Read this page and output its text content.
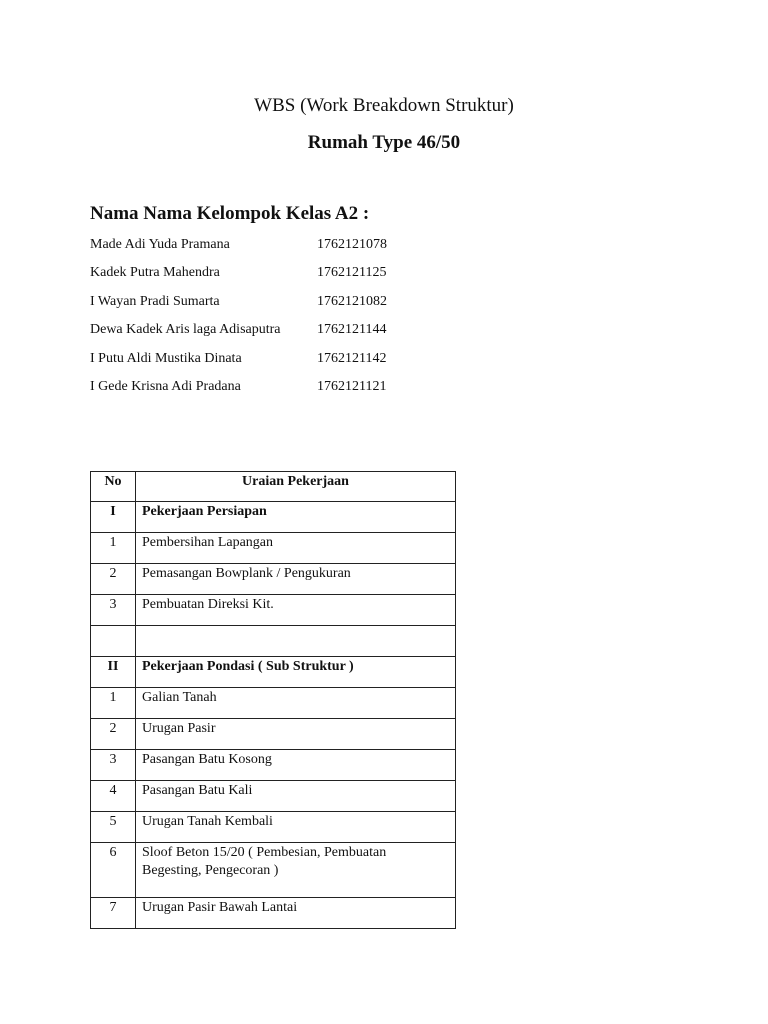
WBS (Work Breakdown Struktur)
Rumah Type 46/50
Nama Nama Kelompok Kelas A2 :
Made Adi Yuda Pramana	1762121078
Kadek Putra Mahendra	1762121125
I Wayan Pradi Sumarta	1762121082
Dewa Kadek Aris laga Adisaputra	1762121144
I Putu Aldi Mustika Dinata	1762121142
I Gede Krisna Adi Pradana	1762121121
No	Uraian Pekerjaan
I	Pekerjaan Persiapan
1	Pembersihan Lapangan
2	Pemasangan Bowplank / Pengukuran
3	Pembuatan Direksi Kit.

II	Pekerjaan Pondasi ( Sub Struktur )
1	Galian Tanah
2	Urugan Pasir
3	Pasangan Batu Kosong
4	Pasangan Batu Kali
5	Urugan Tanah Kembali
6	Sloof Beton 15/20 ( Pembesian, Pembuatan Begesting, Pengecoran )
7	Urugan Pasir Bawah Lantai
